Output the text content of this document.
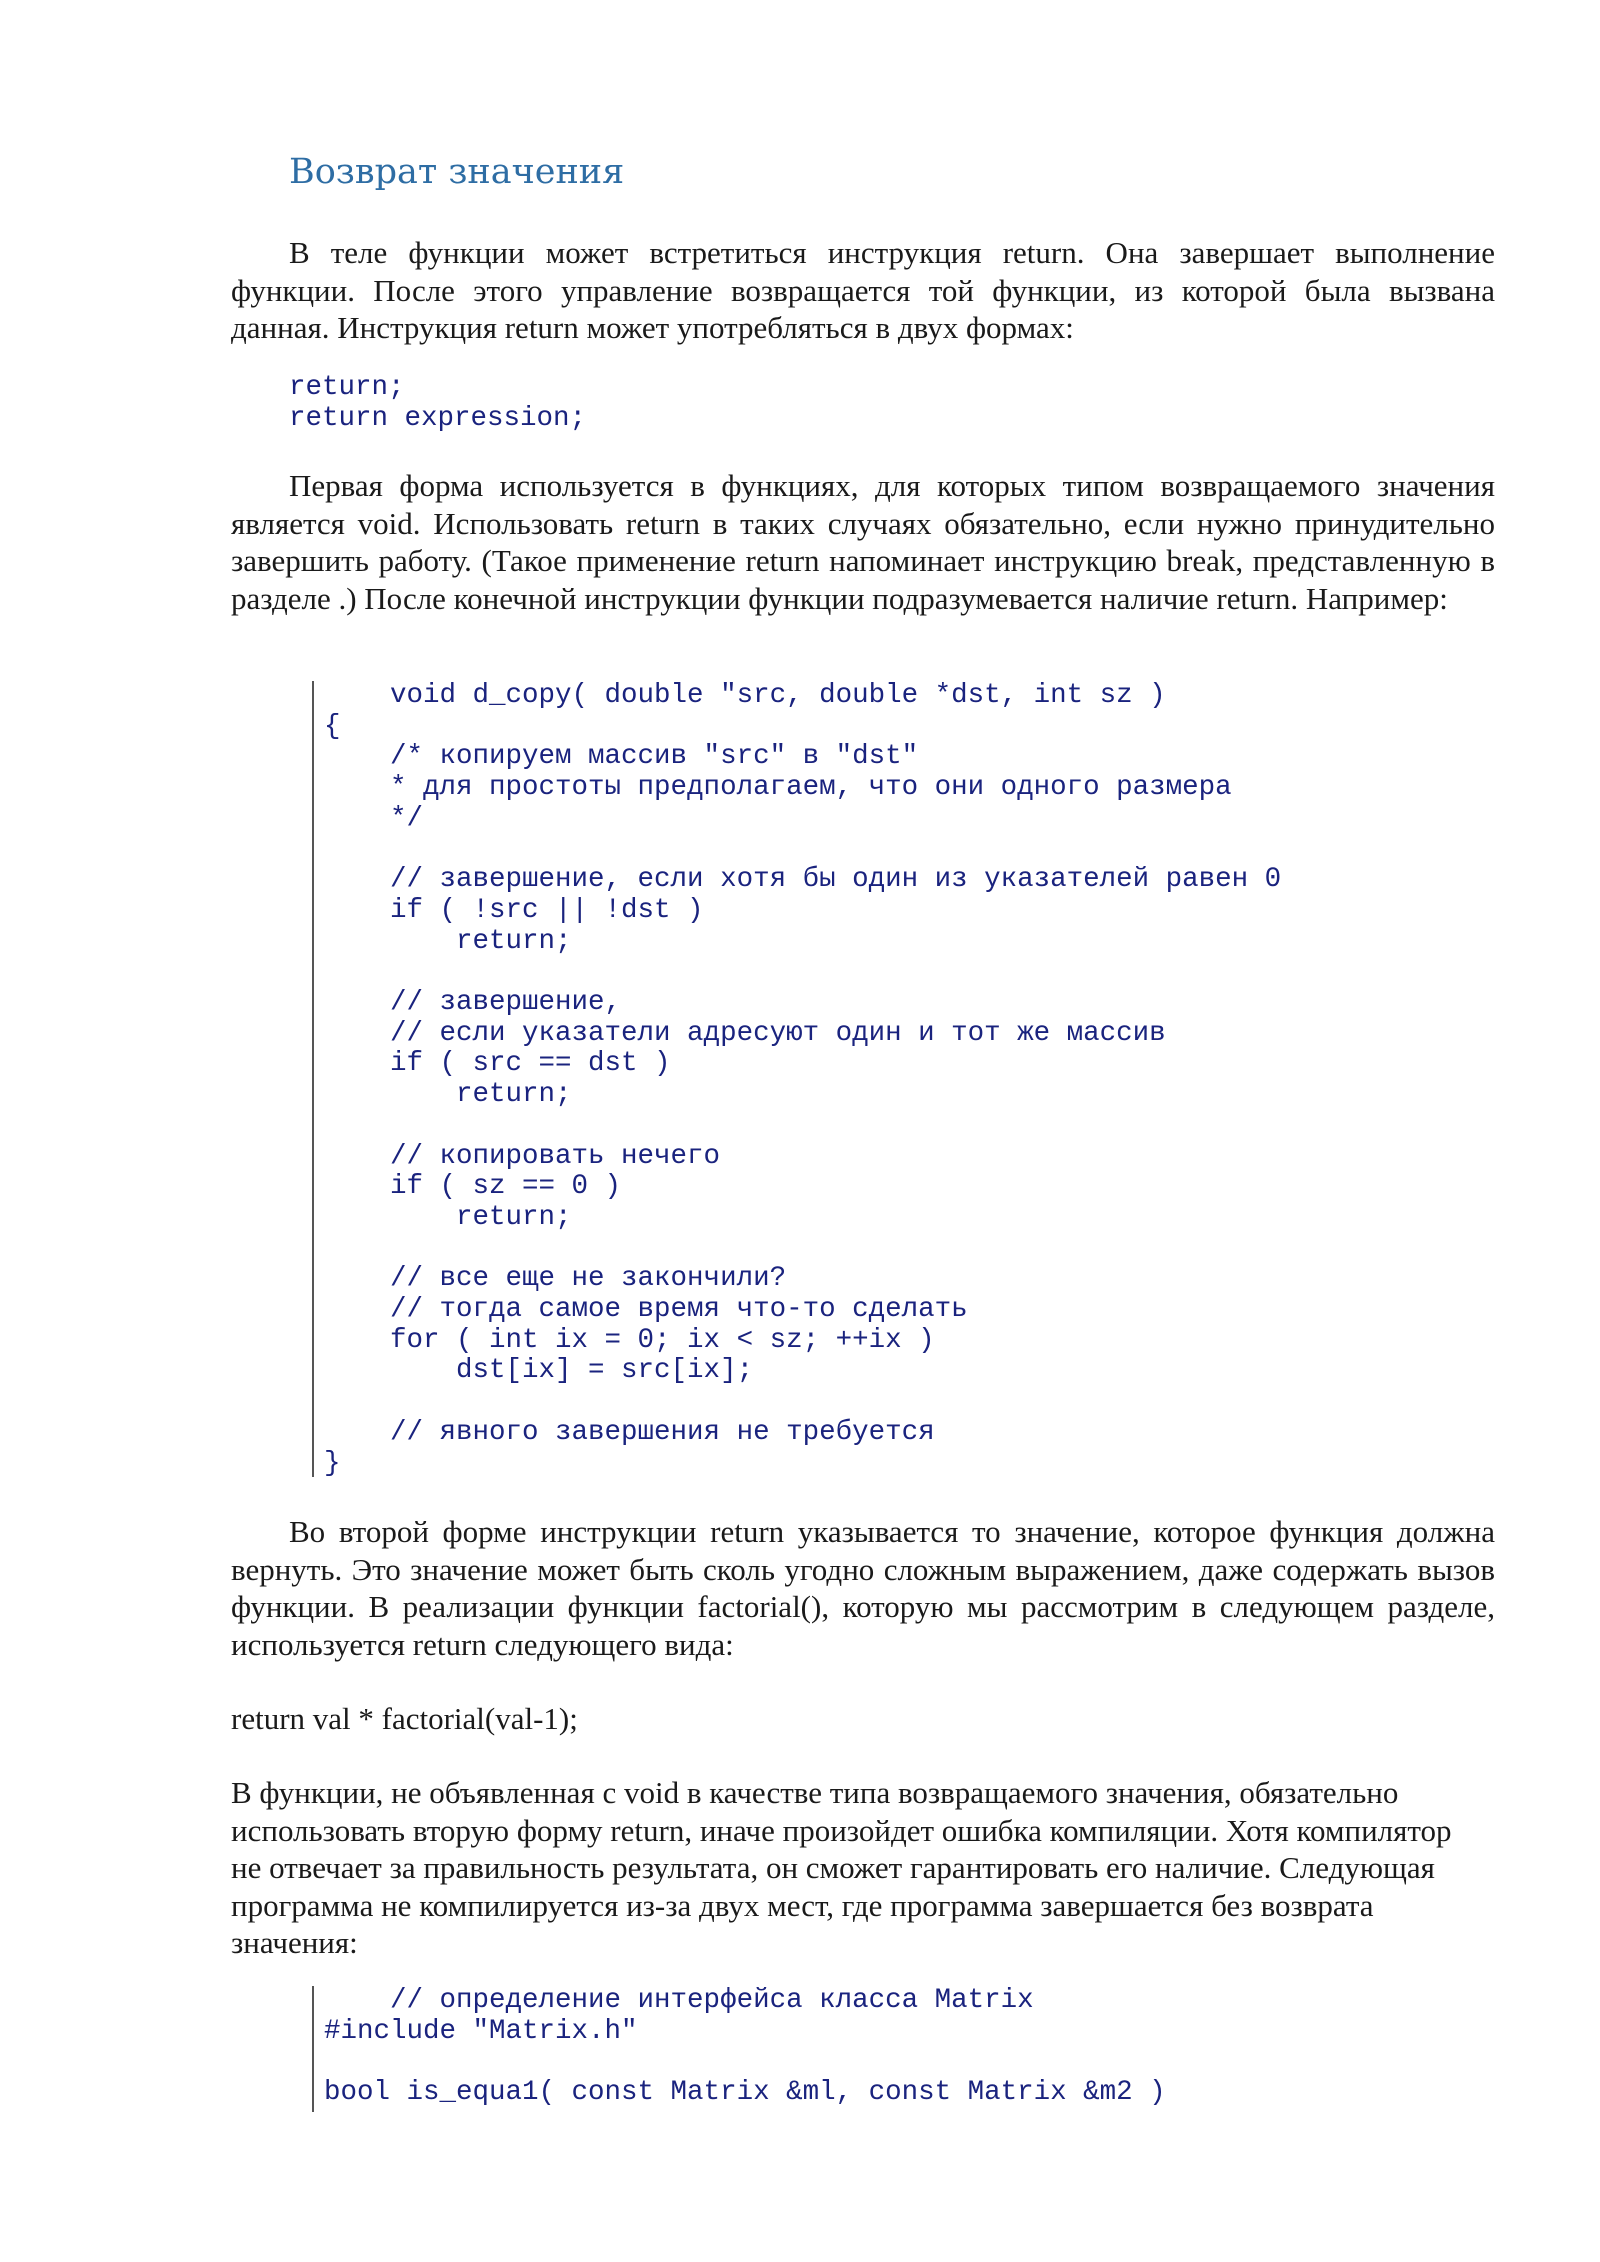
Возврат значения

В теле функции может встретиться инструкция return. Она завершает выполнение функции. После этого управление возвращается той функции, из которой была вызвана данная. Инструкция return может употребляться в двух формах:

return;
return expression;

Первая форма используется в функциях, для которых типом возвращаемого значения является void. Использовать return в таких случаях обязательно, если нужно принудительно завершить работу. (Такое применение return напоминает инструкцию break, представленную в разделе .) После конечной инструкции функции подразумевается наличие return. Например:

void d_copy( double "src, double *dst, int sz )
{
/* копируем массив "src" в "dst"
* для простоты предполагаем, что они одного размера
*/

// завершение, если хотя бы один из указателей равен 0
if ( !src || !dst )
return;

// завершение,
// если указатели адресуют один и тот же массив
if ( src == dst )
return;

// копировать нечего
if ( sz == 0 )
return;

// все еще не закончили?
// тогда самое время что-то сделать
for ( int ix = 0; ix < sz; ++ix )
dst[ix] = src[ix];

// явного завершения не требуется
}

Во второй форме инструкции return указывается то значение, которое функция должна вернуть. Это значение может быть сколь угодно сложным выражением, даже содержать вызов функции. В реализации функции factorial(), которую мы рассмотрим в следующем разделе, используется return следующего вида:

return val * factorial(val-1);

В функции, не объявленная с void в качестве типа возвращаемого значения, обязательно использовать вторую форму return, иначе произойдет ошибка компиляции. Хотя компилятор не отвечает за правильность результата, он сможет гарантировать его наличие. Следующая программа не компилируется из-за двух мест, где программа завершается без возврата значения:

// определение интерфейса класса Matrix
#include "Matrix.h"

bool is_equa1( const Matrix &ml, const Matrix &m2 )
